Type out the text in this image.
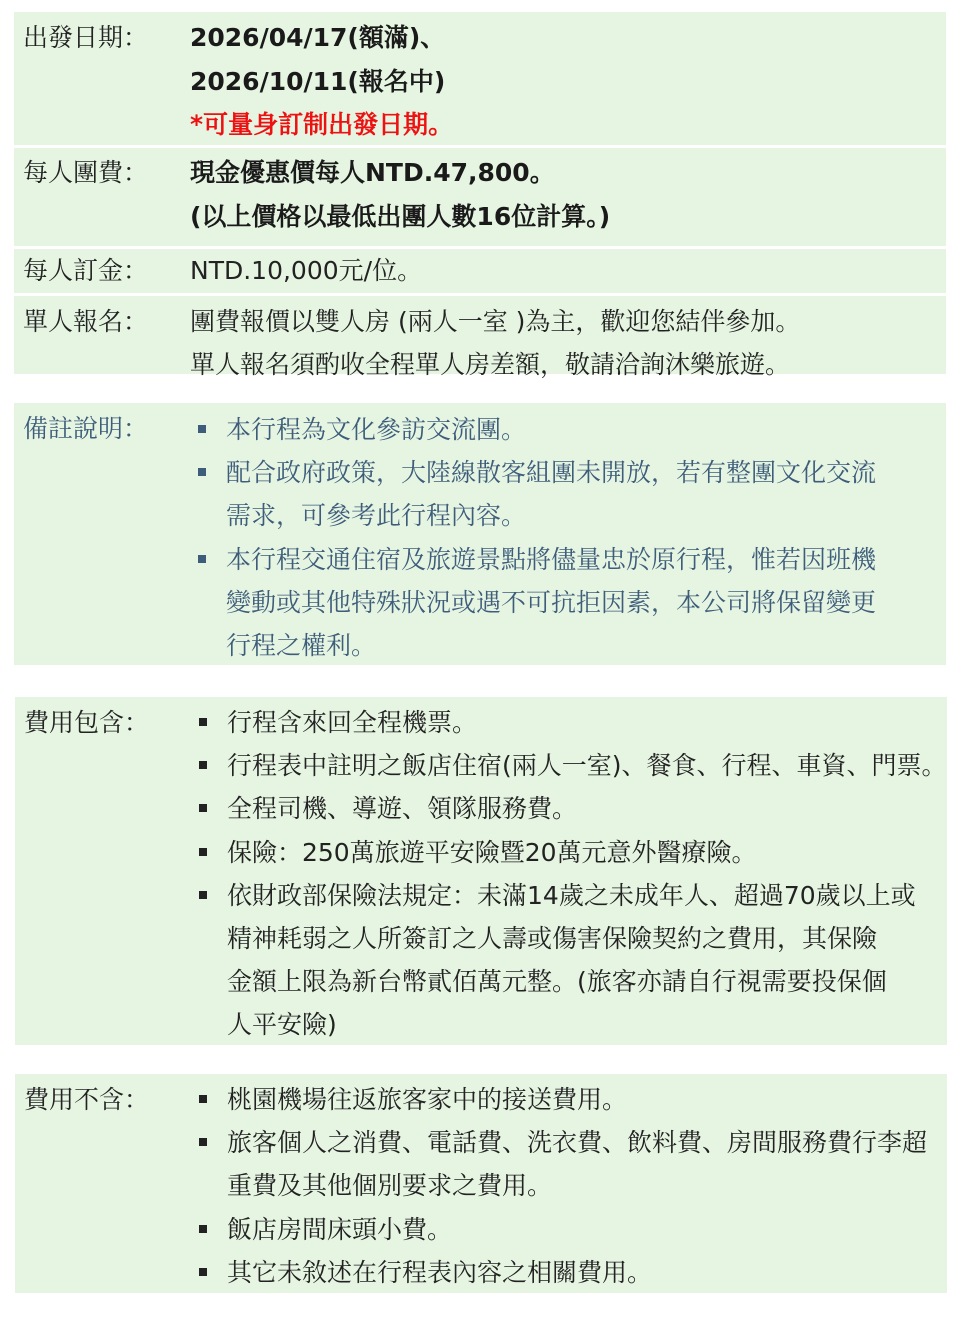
出發日期： 2026/04/17(額滿)、
2026/10/11(報名中)
*可量身訂制出發日期。
每人團費： 現金優惠價每人NTD.47,800。
(以上價格以最低出團人數16位計算。)
每人訂金： NTD.10,000元/位。
單人報名： 團費報價以雙人房 (兩人一室 )為主，歡迎您結伴參加。
單人報名須酌收全程單人房差額，敬請洽詢沐樂旅遊。
備註說明：	本行程為文化參訪交流團。
配合政府政策，大陸線散客組團未開放，若有整團文化交流
需求，可參考此行程內容。
本行程交通住宿及旅遊景點將儘量忠於原行程，惟若因班機
變動或其他特殊狀況或遇不可抗拒因素，本公司將保留變更
行程之權利。
費用包含：	行程含來回全程機票。
行程表中註明之飯店住宿(兩人一室)、餐食、行程、車資、門票。
全程司機、導遊、領隊服務費。
保險：250萬旅遊平安險暨20萬元意外醫療險。
依財政部保險法規定：未滿14歲之未成年人、超過70歲以上或
精神耗弱之人所簽訂之人壽或傷害保險契約之費用，其保險
金額上限為新台幣貳佰萬元整。(旅客亦請自行視需要投保個
人平安險)
費用不含：	桃園機場往返旅客家中的接送費用。
旅客個人之消費、電話費、洗衣費、飲料費、房間服務費行李超
重費及其他個別要求之費用。
飯店房間床頭小費。
其它未敘述在行程表內容之相關費用。
